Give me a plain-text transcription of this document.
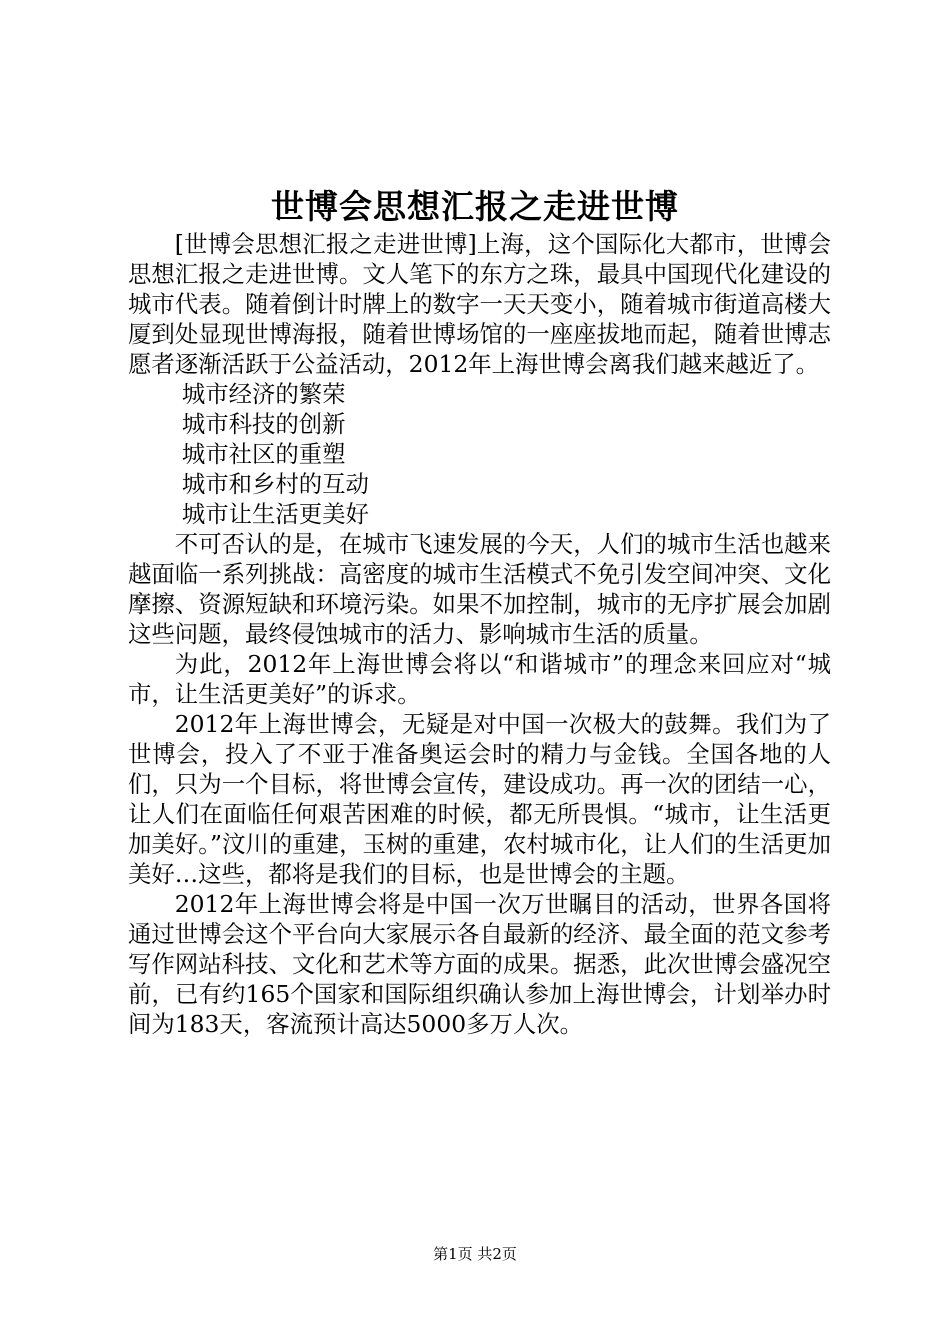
世博会思想汇报之走进世博

[世博会思想汇报之走进世博]上海，这个国际化大都市，世博会思想汇报之走进世博。文人笔下的东方之珠，最具中国现代化建设的城市代表。随着倒计时牌上的数字一天天变小，随着城市街道高楼大厦到处显现世博海报，随着世博场馆的一座座拔地而起，随着世博志愿者逐渐活跃于公益活动，2012年上海世博会离我们越来越近了。

城市经济的繁荣

城市科技的创新

城市社区的重塑

城市和乡村的互动

城市让生活更美好

不可否认的是，在城市飞速发展的今天，人们的城市生活也越来越面临一系列挑战：高密度的城市生活模式不免引发空间冲突、文化摩擦、资源短缺和环境污染。如果不加控制，城市的无序扩展会加剧这些问题，最终侵蚀城市的活力、影响城市生活的质量。

为此，2012年上海世博会将以“和谐城市”的理念来回应对“城市，让生活更美好”的诉求。

2012年上海世博会，无疑是对中国一次极大的鼓舞。我们为了世博会，投入了不亚于准备奥运会时的精力与金钱。全国各地的人们，只为一个目标，将世博会宣传，建设成功。再一次的团结一心，让人们在面临任何艰苦困难的时候，都无所畏惧。“城市，让生活更加美好。”汶川的重建，玉树的重建，农村城市化，让人们的生活更加美好…这些，都将是我们的目标，也是世博会的主题。

2012年上海世博会将是中国一次万世瞩目的活动，世界各国将通过世博会这个平台向大家展示各自最新的经济、最全面的范文参考写作网站科技、文化和艺术等方面的成果。据悉，此次世博会盛况空前，已有约165个国家和国际组织确认参加上海世博会，计划举办时间为183天，客流预计高达5000多万人次。

第1页 共2页
